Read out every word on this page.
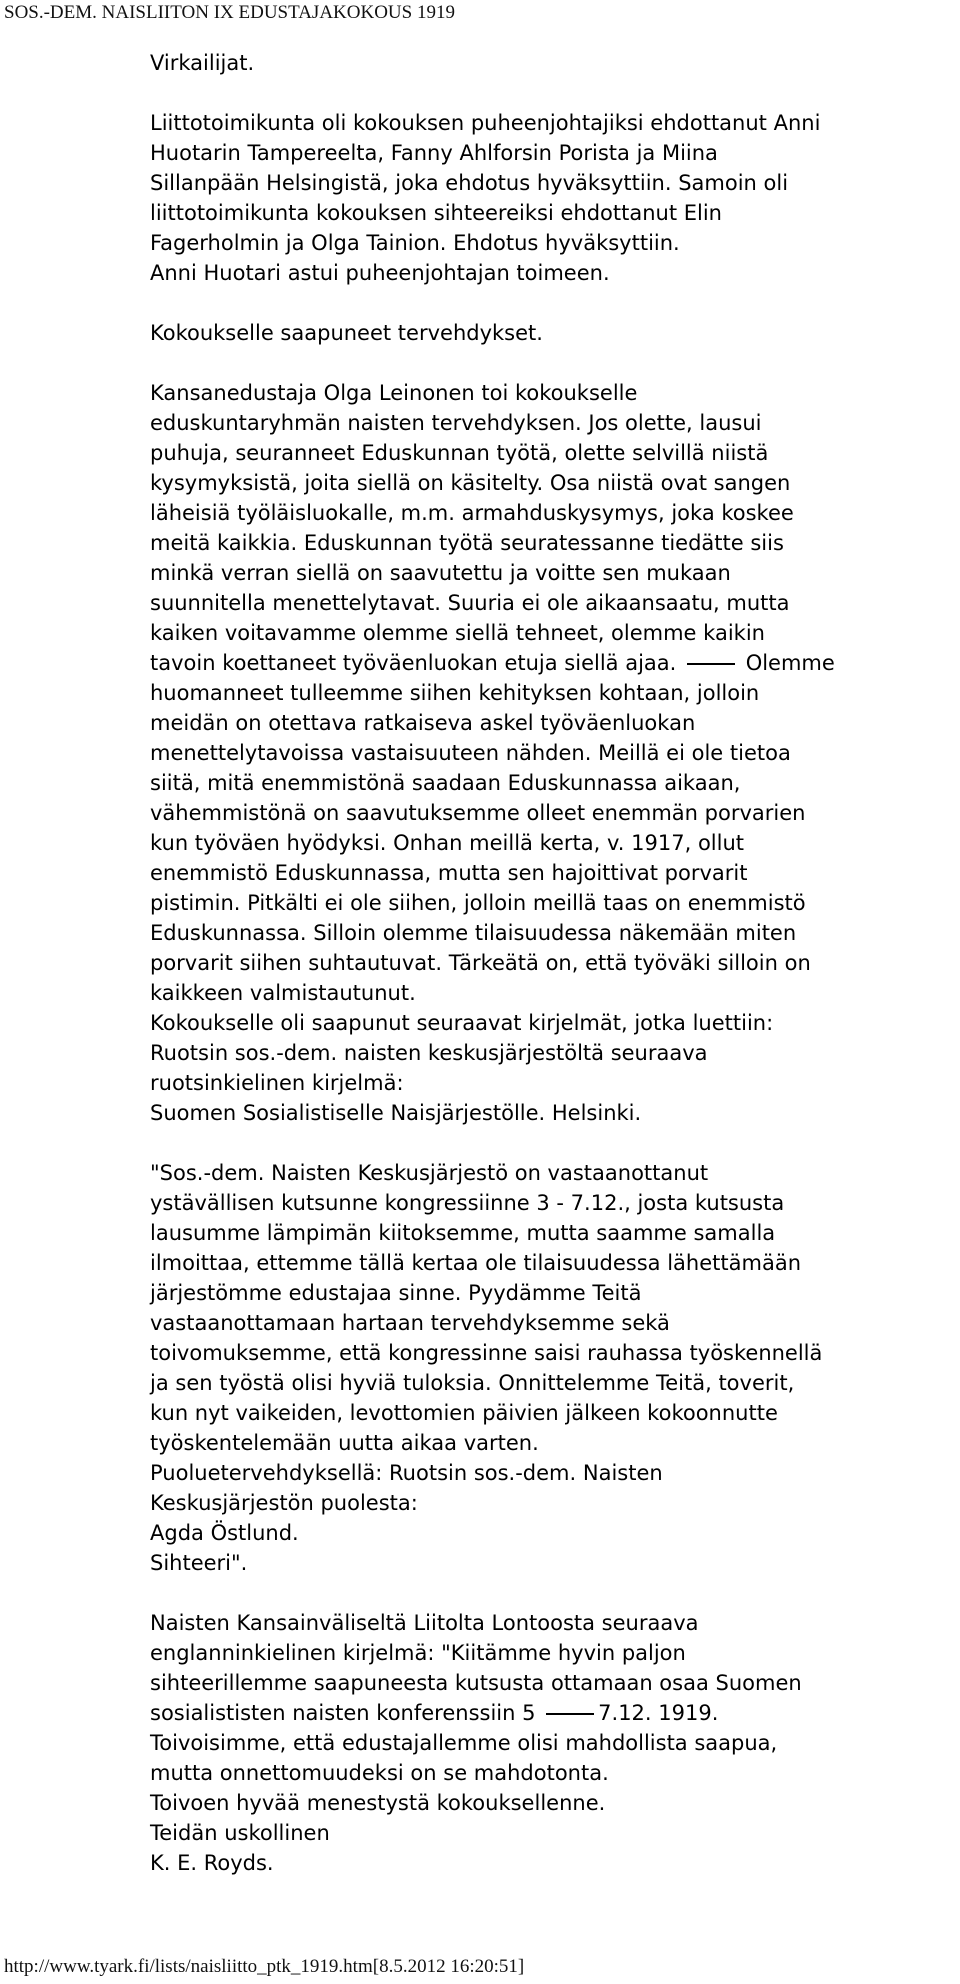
SOS.-DEM. NAISLIITON IX EDUSTAJAKOKOUS 1919

Virkailijat.

Liittotoimikunta oli kokouksen puheenjohtajiksi ehdottanut Anni
Huotarin Tampereelta, Fanny Ahlforsin Porista ja Miina
Sillanpään Helsingistä, joka ehdotus hyväksyttiin. Samoin oli
liittotoimikunta kokouksen sihteereiksi ehdottanut Elin
Fagerholmin ja Olga Tainion. Ehdotus hyväksyttiin.
Anni Huotari astui puheenjohtajan toimeen.

Kokoukselle saapuneet tervehdykset.

Kansanedustaja Olga Leinonen toi kokoukselle
eduskuntaryhmän naisten tervehdyksen. Jos olette, lausui
puhuja, seuranneet Eduskunnan työtä, olette selvillä niistä
kysymyksistä, joita siellä on käsitelty. Osa niistä ovat sangen
läheisiä työläisluokalle, m.m. armahduskysymys, joka koskee
meitä kaikkia. Eduskunnan työtä seuratessanne tiedätte siis
minkä verran siellä on saavutettu ja voitte sen mukaan
suunnitella menettelytavat. Suuria ei ole aikaansaatu, mutta
kaiken voitavamme olemme siellä tehneet, olemme kaikin
tavoin koettaneet työväenluokan etuja siellä ajaa.	Olemme
huomanneet tulleemme siihen kehityksen kohtaan, jolloin
meidän on otettava ratkaiseva askel työväenluokan
menettelytavoissa vastaisuuteen nähden. Meillä ei ole tietoa
siitä, mitä enemmistönä saadaan Eduskunnassa aikaan,
vähemmistönä on saavutuksemme olleet enemmän porvarien
kun työväen hyödyksi. Onhan meillä kerta, v. 1917, ollut
enemmistö Eduskunnassa, mutta sen hajoittivat porvarit
pistimin. Pitkälti ei ole siihen, jolloin meillä taas on enemmistö
Eduskunnassa. Silloin olemme tilaisuudessa näkemään miten
porvarit siihen suhtautuvat. Tärkeätä on, että työväki silloin on
kaikkeen valmistautunut.
Kokoukselle oli saapunut seuraavat kirjelmät, jotka luettiin:
Ruotsin sos.-dem. naisten keskusjärjestöltä seuraava
ruotsinkielinen kirjelmä:
Suomen Sosialistiselle Naisjärjestölle. Helsinki.

"Sos.-dem. Naisten Keskusjärjestö on vastaanottanut
ystävällisen kutsunne kongressiinne 3 - 7.12., josta kutsusta
lausumme lämpimän kiitoksemme, mutta saamme samalla
ilmoittaa, ettemme tällä kertaa ole tilaisuudessa lähettämään
järjestömme edustajaa sinne. Pyydämme Teitä
vastaanottamaan hartaan tervehdyksemme sekä
toivomuksemme, että kongressinne saisi rauhassa työskennellä
ja sen työstä olisi hyviä tuloksia. Onnittelemme Teitä, toverit,
kun nyt vaikeiden, levottomien päivien jälkeen kokoonnutte
työskentelemään uutta aikaa varten.
Puoluetervehdyksellä: Ruotsin sos.-dem. Naisten
Keskusjärjestön puolesta:
Agda Östlund.
Sihteeri".

Naisten Kansainväliseltä Liitolta Lontoosta seuraava
englanninkielinen kirjelmä: "Kiitämme hyvin paljon
sihteerillemme saapuneesta kutsusta ottamaan osaa Suomen
sosialististen naisten konferenssiin 5	7.12. 1919.
Toivoisimme, että edustajallemme olisi mahdollista saapua,
mutta onnettomuudeksi on se mahdotonta.
Toivoen hyvää menestystä kokouksellenne.
Teidän uskollinen
K. E. Royds.

http://www.tyark.fi/lists/naisliitto_ptk_1919.htm[8.5.2012 16:20:51]
